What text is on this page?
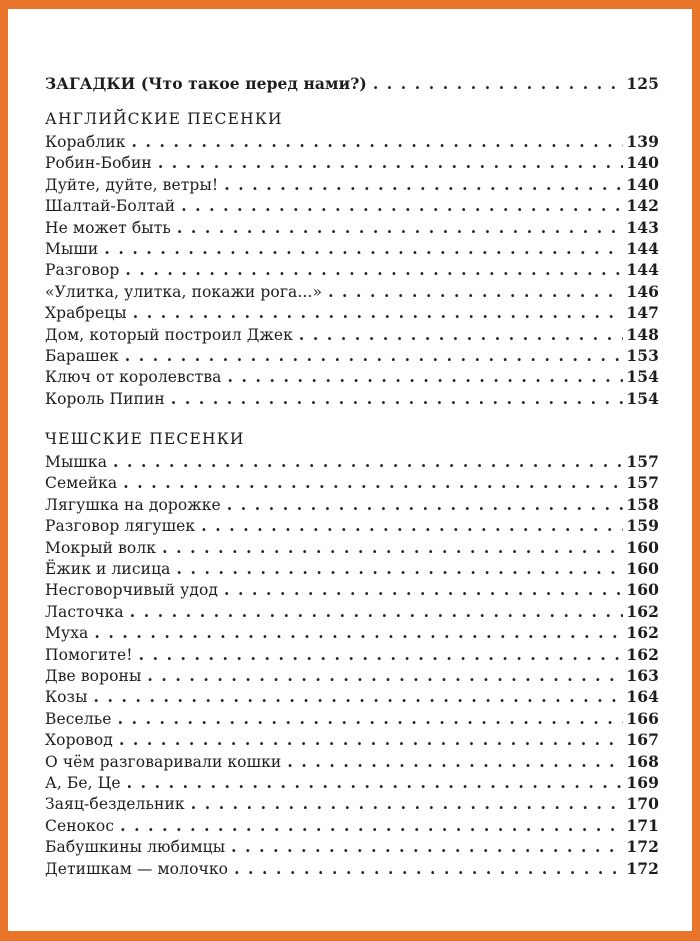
ЗАГАДКИ (Что такое перед нами?) . . .	125
АНГЛИЙСКИЕ ПЕСЕНКИ
Кораблик . . .	139
Робин-Бобин . . .	140
Дуйте, дуйте, ветры! . . .	140
Шалтай-Болтай . . .	142
Не может быть . . .	143
Мыши . . .	144
Разговор . . .	144
«Улитка, улитка, покажи рога...» . . .	146
Храбрецы . . .	147
Дом, который построил Джек . . .	148
Барашек . . .	153
Ключ от королевства . . .	154
Король Пипин . . .	154
ЧЕШСКИЕ ПЕСЕНКИ
Мышка . . .	157
Семейка . . .	157
Лягушка на дорожке . . .	158
Разговор лягушек . . .	159
Мокрый волк . . .	160
Ёжик и лисица . . .	160
Несговорчивый удод . . .	160
Ласточка . . .	162
Муха . . .	162
Помогите! . . .	162
Две вороны . . .	163
Козы . . .	164
Веселье . . .	166
Хоровод . . .	167
О чём разговаривали кошки . . .	168
А, Бе, Це . . .	169
Заяц-бездельник . . .	170
Сенокос . . .	171
Бабушкины любимцы . . .	172
Детишкам — молочко . . .	172
